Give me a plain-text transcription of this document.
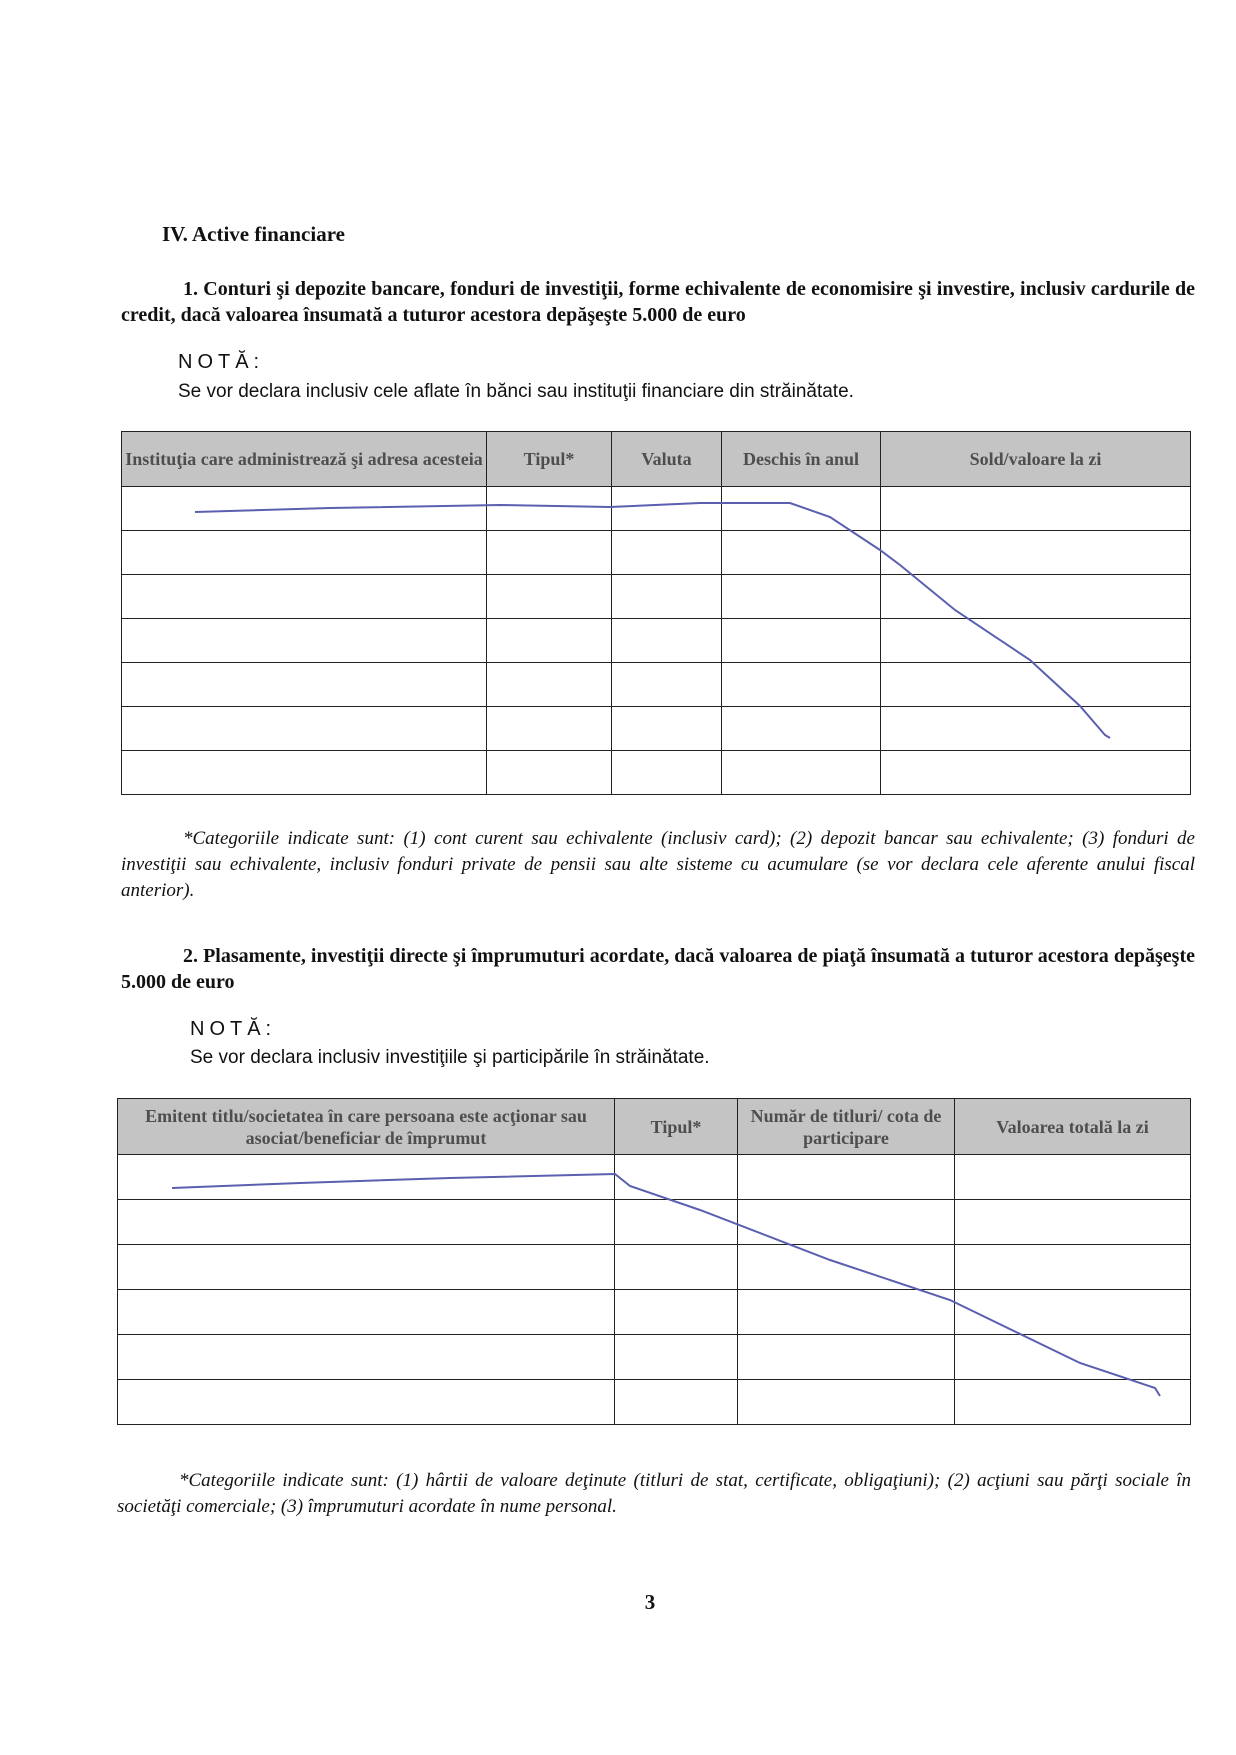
IV. Active financiare
1. Conturi şi depozite bancare, fonduri de investiţii, forme echivalente de economisire şi investire, inclusiv cardurile de credit, dacă valoarea însumată a tuturor acestora depăşeşte 5.000 de euro
NOTĂ:
Se vor declara inclusiv cele aflate în bănci sau instituţii financiare din străinătate.
Instituţia care administrează şi adresa acesteia	Tipul*	Valuta	Deschis în anul	Sold/valoare la zi

*Categoriile indicate sunt: (1) cont curent sau echivalente (inclusiv card); (2) depozit bancar sau echivalente; (3) fonduri de investiţii sau echivalente, inclusiv fonduri private de pensii sau alte sisteme cu acumulare (se vor declara cele aferente anului fiscal anterior).
2. Plasamente, investiţii directe şi împrumuturi acordate, dacă valoarea de piaţă însumată a tuturor acestora depăşeşte 5.000 de euro
NOTĂ:
Se vor declara inclusiv investiţiile şi participările în străinătate.
Emitent titlu/societatea în care persoana este acţionar sau asociat/beneficiar de împrumut	Tipul*	Număr de titluri/ cota de participare	Valoarea totală la zi

*Categoriile indicate sunt: (1) hârtii de valoare deţinute (titluri de stat, certificate, obligaţiuni); (2) acţiuni sau părţi sociale în societăţi comerciale; (3) împrumuturi acordate în nume personal.
3
